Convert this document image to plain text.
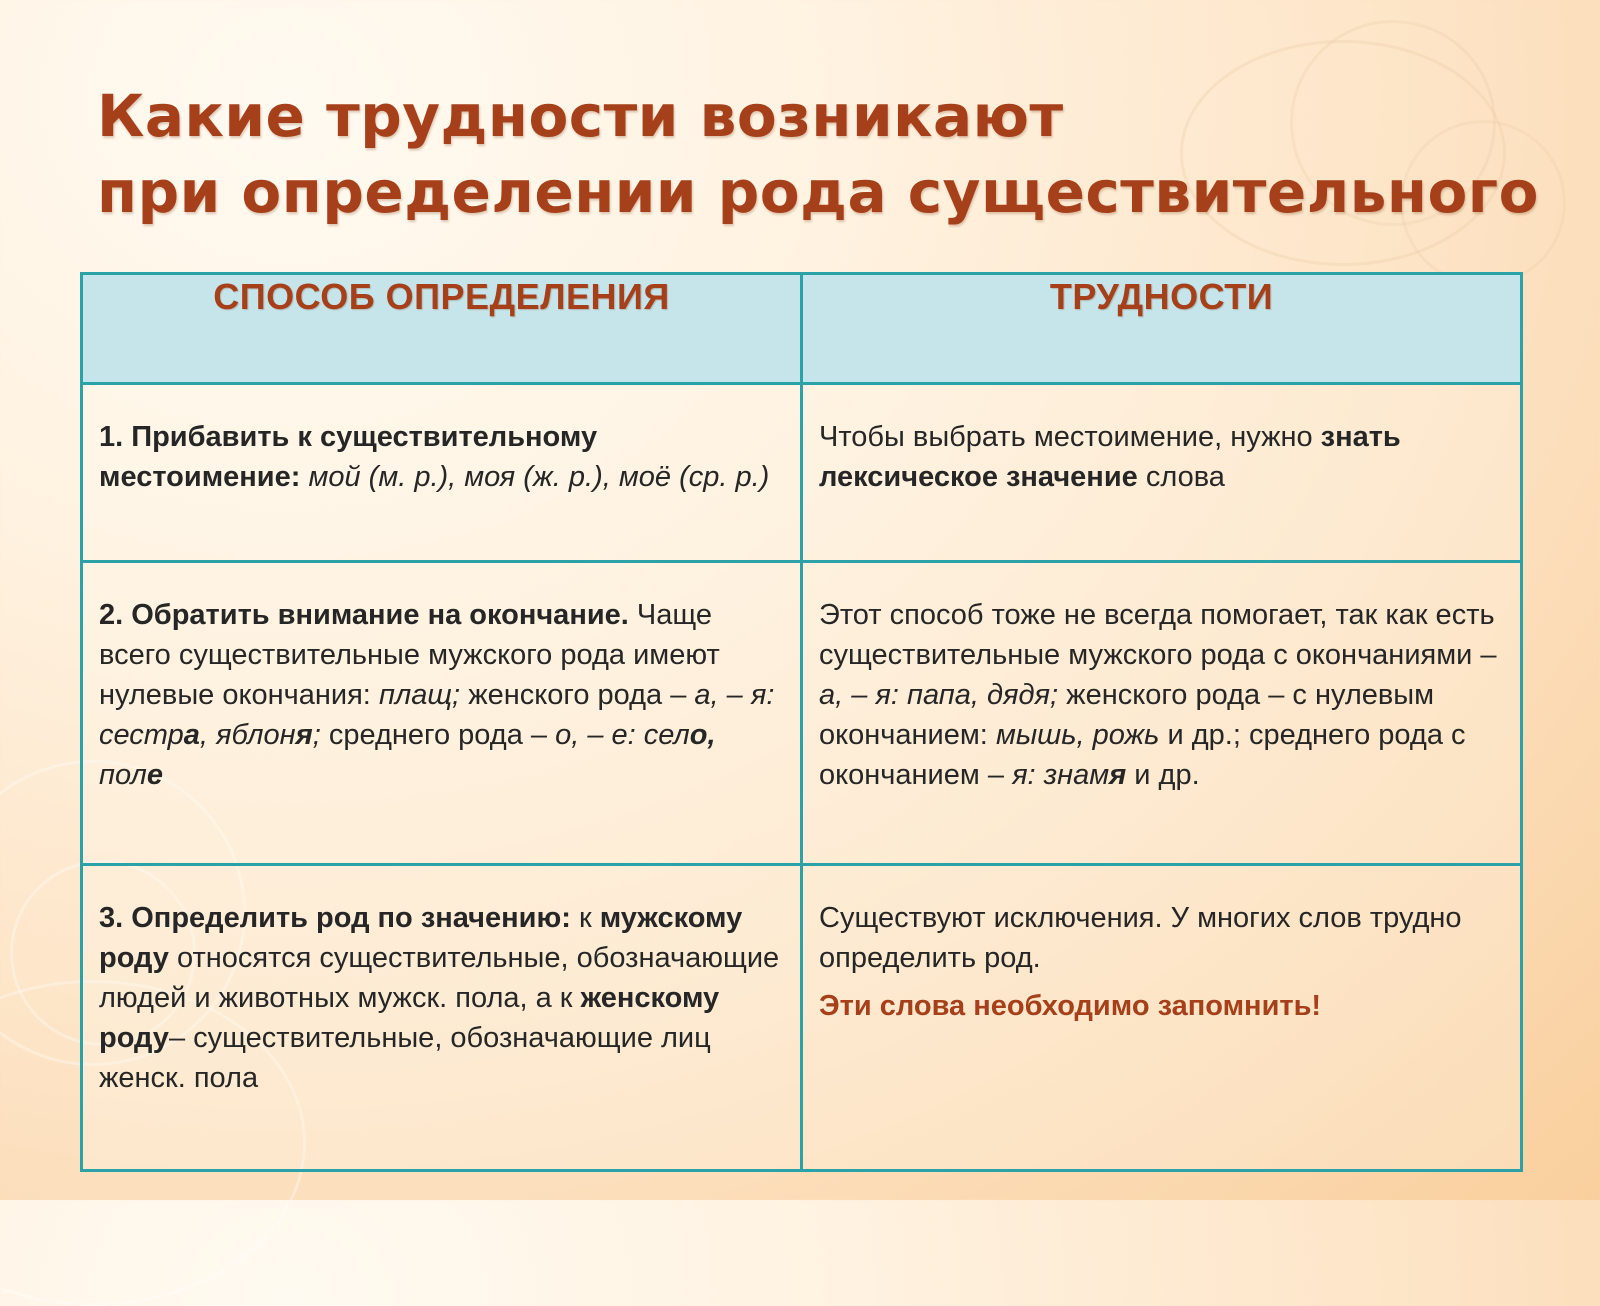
Какие трудности возникают
при определении рода существительного
СПОСОБ ОПРЕДЕЛЕНИЯ	ТРУДНОСТИ
1. Прибавить к существительному местоимение: мой (м. р.), моя (ж. р.), моё (ср. р.)	Чтобы выбрать местоимение, нужно знать лексическое значение слова
2. Обратить внимание на окончание. Чаще всего существительные мужского рода имеют нулевые окончания: плащ; женского рода – а, – я: сестра, яблоня; среднего рода – о, – е: село, поле	Этот способ тоже не всегда помогает, так как есть существительные мужского рода с окончаниями – а, – я: папа, дядя; женского рода – с нулевым окончанием: мышь, рожь и др.; среднего рода с окончанием – я: знамя и др.
3. Определить род по значению: к мужскому роду относятся существительные, обозначающие людей и животных мужск. пола, а к женскому роду– существительные, обозначающие лиц женск. пола	Существуют исключения. У многих слов трудно определить род.
Эти слова необходимо запомнить!
